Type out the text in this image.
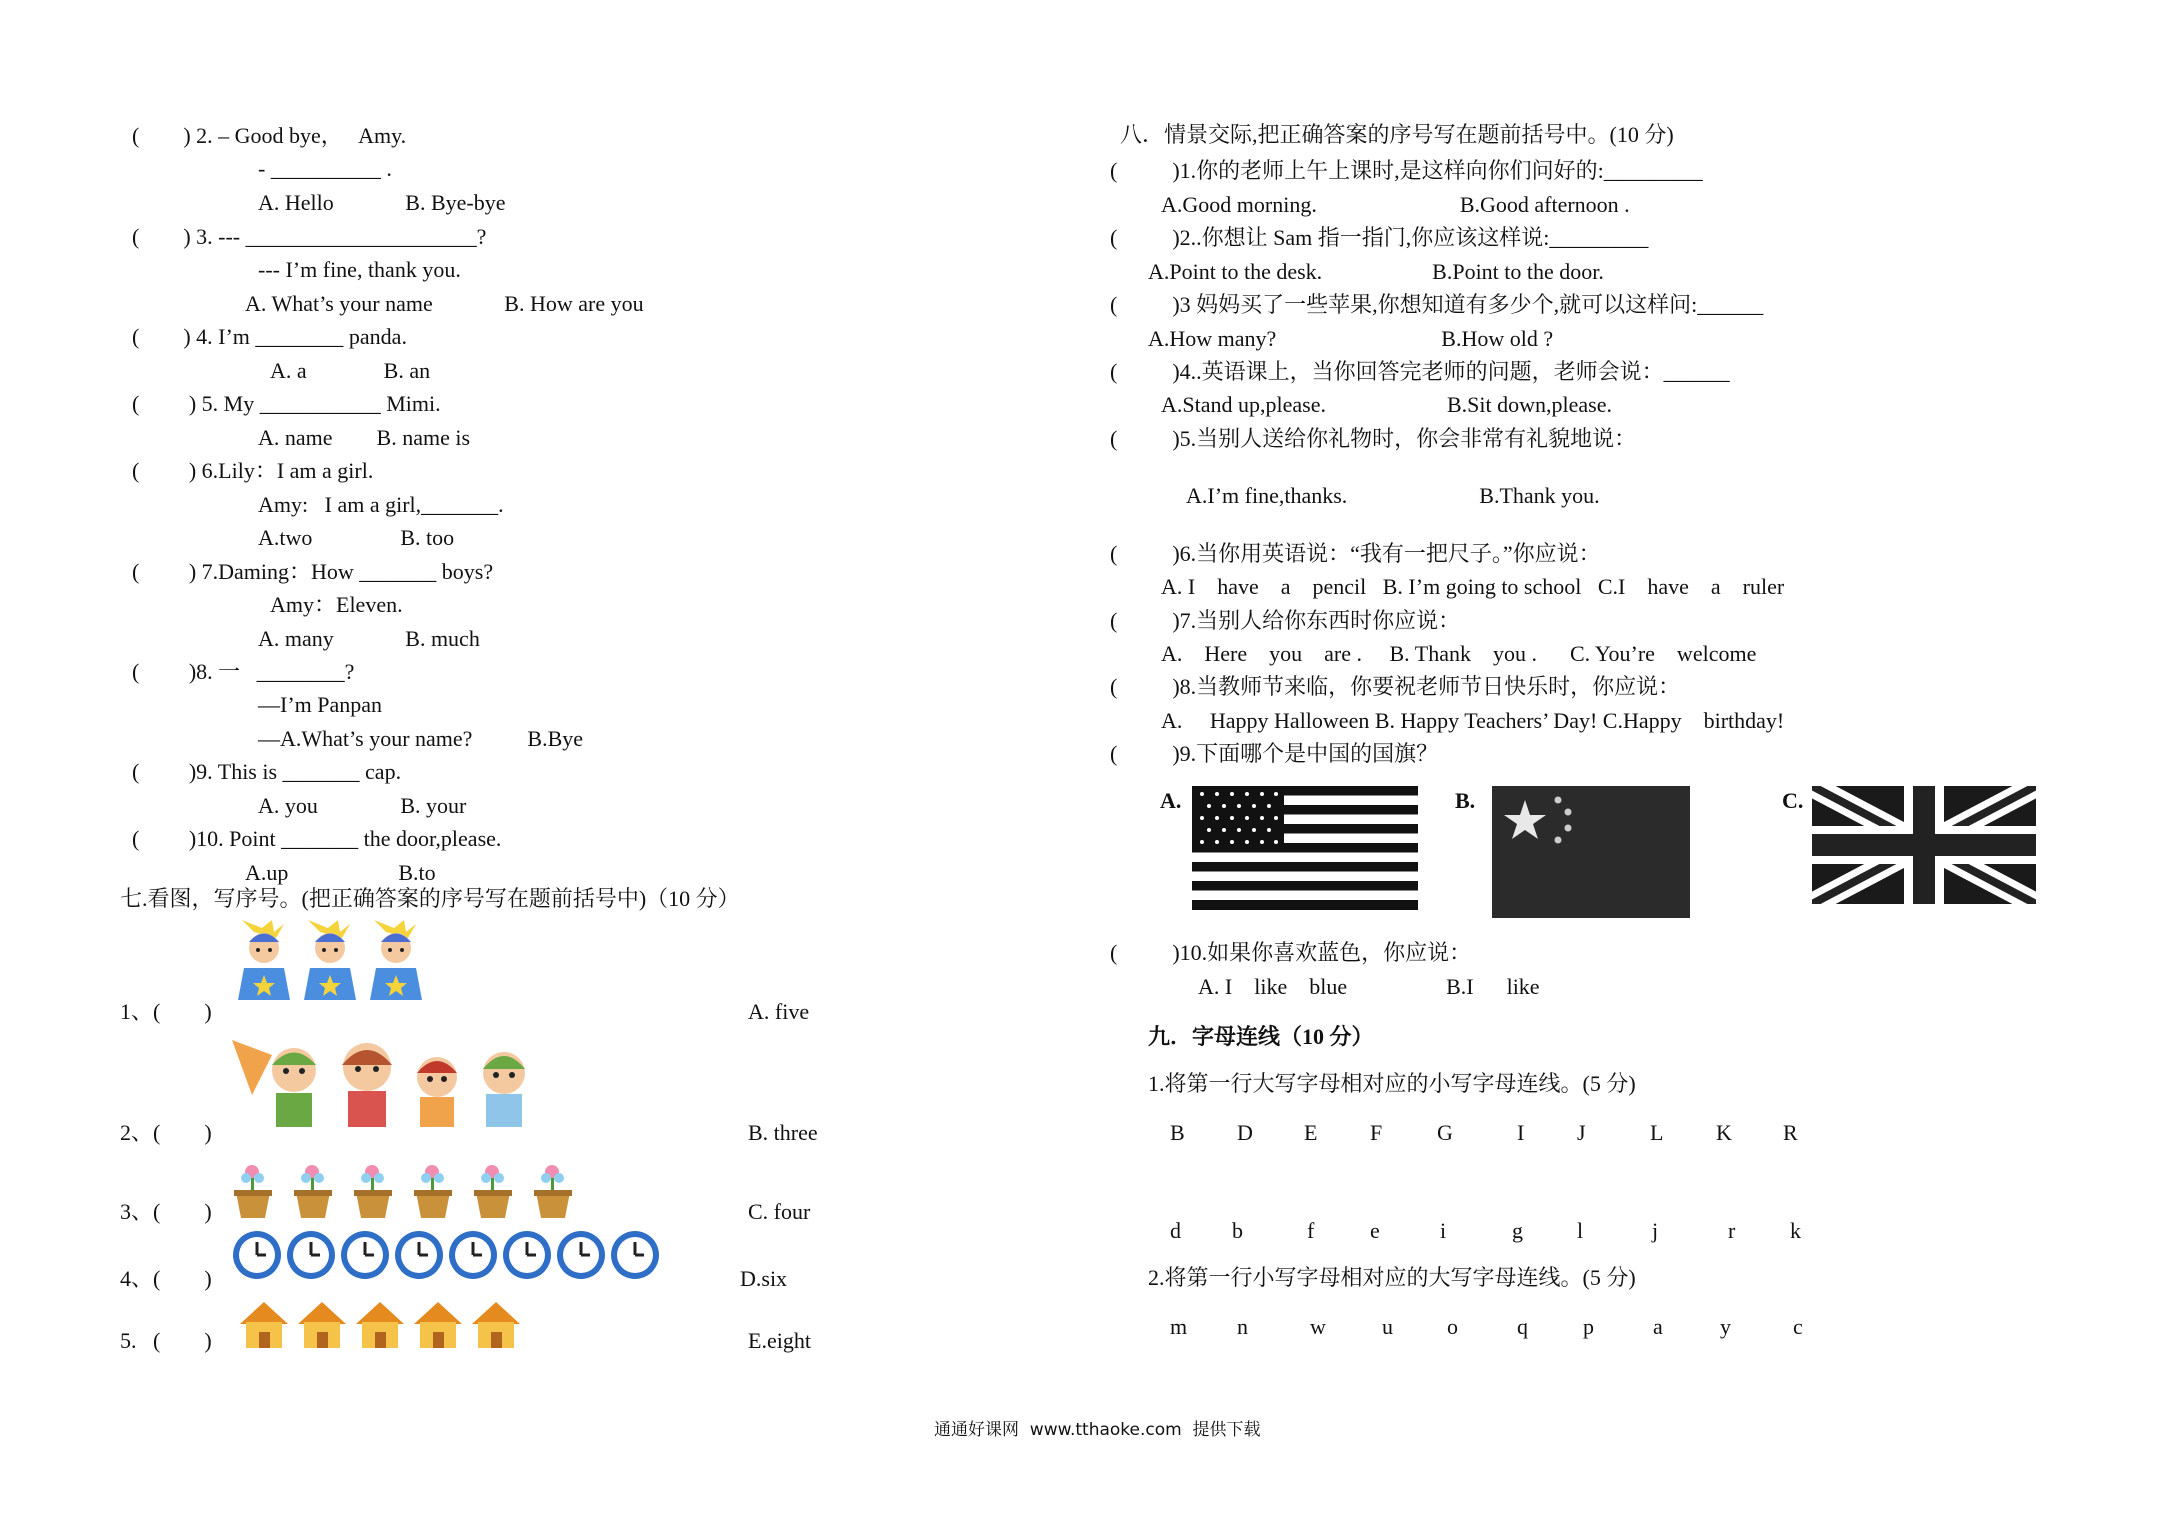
(        ) 2. – Good bye，   Amy.
- __________ .
A. Hello             B. Bye-bye
(        ) 3. --- _____________________?
--- I’m fine, thank you.
A. What’s your name             B. How are you
(        ) 4. I’m ________ panda.
A. a              B. an
(         ) 5. My ___________ Mimi.
A. name        B. name is
(         ) 6.Lily：I am a girl.
Amy:   I am a girl,_______.
A.two                B. too
(         ) 7.Daming：How _______ boys?
Amy：Eleven.
A. many             B. much
(         )8. 一   ________?
—I’m Panpan
—A.What’s your name?          B.Bye
(         )9. This is _______ cap.
A. you               B. your
(         )10. Point _______ the door,please.
A.up                    B.to
七.看图，写序号。(把正确答案的序号写在题前括号中)（10 分）
1、(        )	A. five
2、(        )	B. three
3、(        )	C. four
4、(        )	D.six
5.   (        )	E.eight
八．情景交际,把正确答案的序号写在题前括号中。(10 分)
(          )1.你的老师上午上课时,是这样向你们问好的:_________
A.Good morning.                          B.Good afternoon .
(          )2..你想让 Sam 指一指门,你应该这样说:_________
A.Point to the desk.                    B.Point to the door.
(          )3 妈妈买了一些苹果,你想知道有多少个,就可以这样问:______
A.How many?                              B.How old ?
(          )4..英语课上，当你回答完老师的问题，老师会说：______
A.Stand up,please.                      B.Sit down,please.
(          )5.当别人送给你礼物时，你会非常有礼貌地说：
A.I’m fine,thanks.                        B.Thank you.
(          )6.当你用英语说：“我有一把尺子。”你应说：
A. I    have    a    pencil   B. I’m going to school   C.I    have    a    ruler
(          )7.当别人给你东西时你应说：
A.    Here    you    are .     B. Thank    you .      C. You’re    welcome
(          )8.当教师节来临，你要祝老师节日快乐时，你应说：
A.     Happy Halloween B. Happy Teachers’ Day! C.Happy    birthday!
(          )9.下面哪个是中国的国旗？
(          )10.如果你喜欢蓝色，你应说：
A. I    like    blue                  B.I      like
A.	B.	C.
九．字母连线（10 分）
1.将第一行大写字母相对应的小写字母连线。(5 分)
B D E F G	I J	L K R
d b	f	e	i	g l	j	r k
2.将第一行小写字母相对应的大写字母连线。(5 分)
m n	w	u o	q	p	a	y	c
通通好课网  www.tthaoke.com  提供下载
